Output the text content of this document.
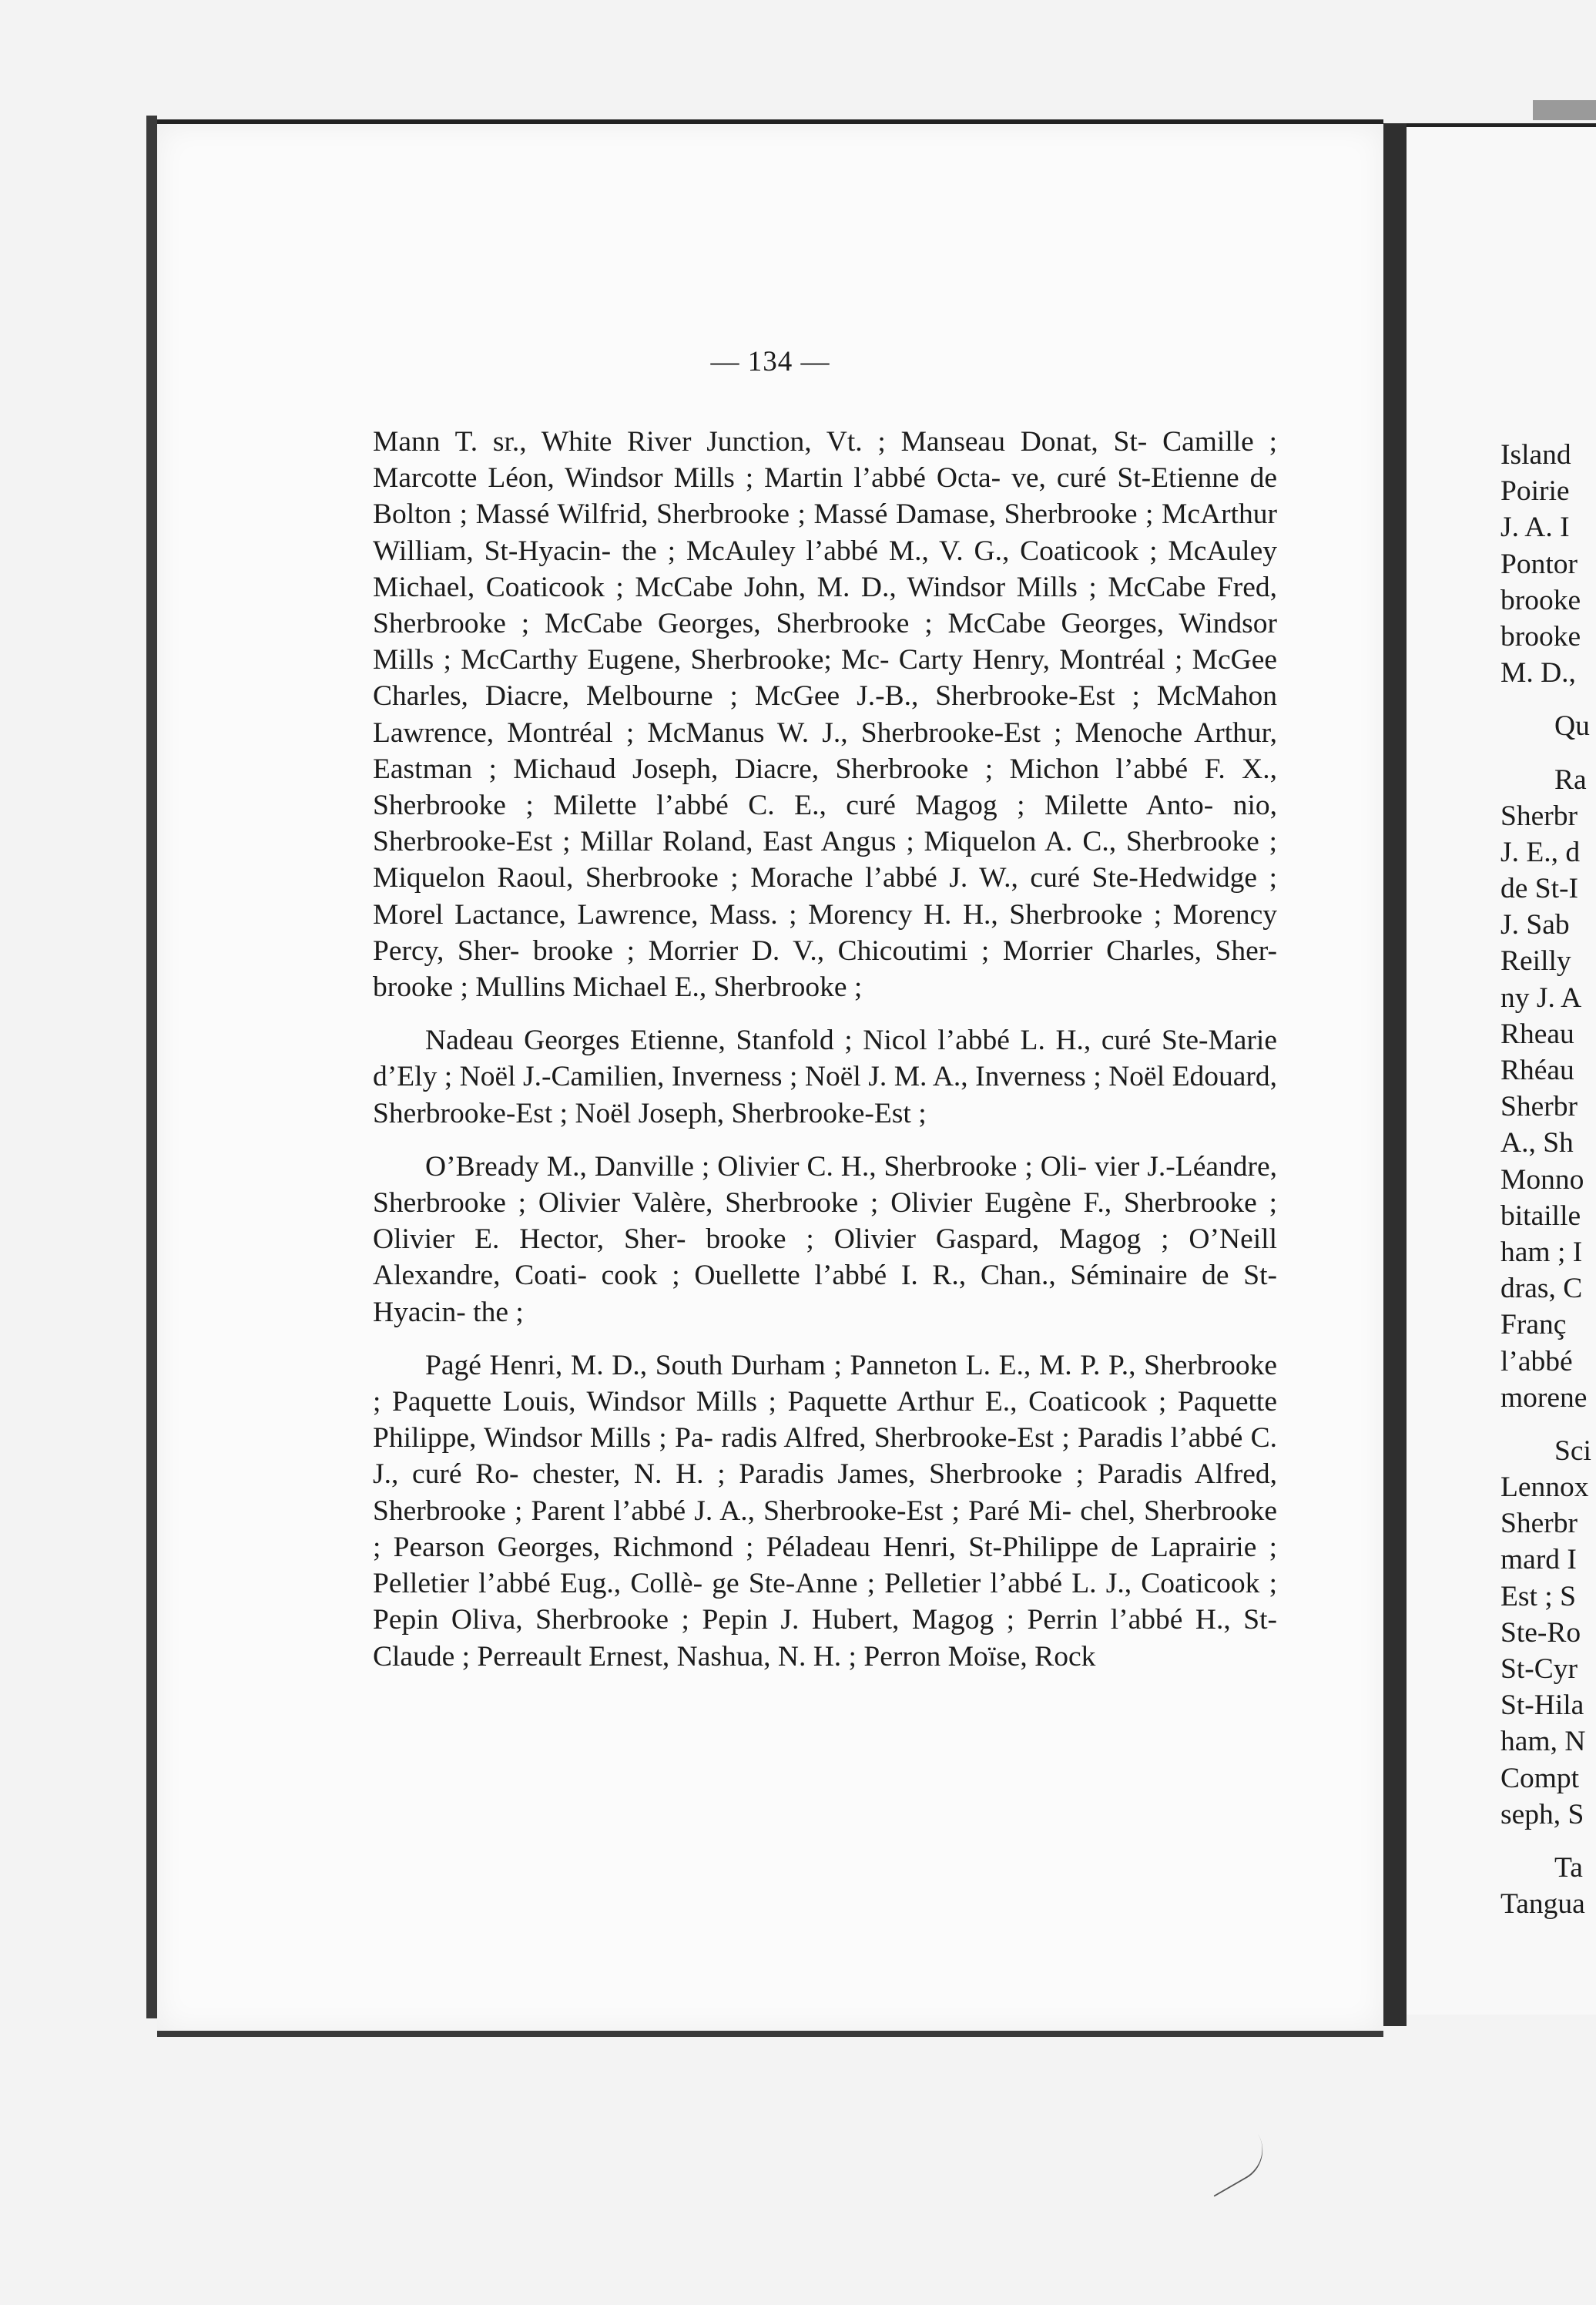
— 134 —

Mann T. sr., White River Junction, Vt. ; Manseau Donat, St- Camille ; Marcotte Léon, Windsor Mills ; Martin l’abbé Octa- ve, curé St-Etienne de Bolton ; Massé Wilfrid, Sherbrooke ; Massé Damase, Sherbrooke ; McArthur William, St-Hyacin- the ; McAuley l’abbé M., V. G., Coaticook ; McAuley Michael, Coaticook ; McCabe John, M. D., Windsor Mills ; McCabe Fred, Sherbrooke ; McCabe Georges, Sherbrooke ; McCabe Georges, Windsor Mills ; McCarthy Eugene, Sherbrooke; Mc- Carty Henry, Montréal ; McGee Charles, Diacre, Melbourne ; McGee J.-B., Sherbrooke-Est ; McMahon Lawrence, Montréal ; McManus W. J., Sherbrooke-Est ; Menoche Arthur, Eastman ; Michaud Joseph, Diacre, Sherbrooke ; Michon l’abbé F. X., Sherbrooke ; Milette l’abbé C. E., curé Magog ; Milette Anto- nio, Sherbrooke-Est ; Millar Roland, East Angus ; Miquelon A. C., Sherbrooke ; Miquelon Raoul, Sherbrooke ; Morache l’abbé J. W., curé Ste-Hedwidge ; Morel Lactance, Lawrence, Mass. ; Morency H. H., Sherbrooke ; Morency Percy, Sher- brooke ; Morrier D. V., Chicoutimi ; Morrier Charles, Sher- brooke ; Mullins Michael E., Sherbrooke ;

Nadeau Georges Etienne, Stanfold ; Nicol l’abbé L. H., curé Ste-Marie d’Ely ; Noël J.-Camilien, Inverness ; Noël J. M. A., Inverness ; Noël Edouard, Sherbrooke-Est ; Noël Joseph, Sherbrooke-Est ;

O’Bready M., Danville ; Olivier C. H., Sherbrooke ; Oli- vier J.-Léandre, Sherbrooke ; Olivier Valère, Sherbrooke ; Olivier Eugène F., Sherbrooke ; Olivier E. Hector, Sher- brooke ; Olivier Gaspard, Magog ; O’Neill Alexandre, Coati- cook ; Ouellette l’abbé I. R., Chan., Séminaire de St-Hyacin- the ;

Pagé Henri, M. D., South Durham ; Panneton L. E., M. P. P., Sherbrooke ; Paquette Louis, Windsor Mills ; Paquette Arthur E., Coaticook ; Paquette Philippe, Windsor Mills ; Pa- radis Alfred, Sherbrooke-Est ; Paradis l’abbé C. J., curé Ro- chester, N. H. ; Paradis James, Sherbrooke ; Paradis Alfred, Sherbrooke ; Parent l’abbé J. A., Sherbrooke-Est ; Paré Mi- chel, Sherbrooke ; Pearson Georges, Richmond ; Péladeau Henri, St-Philippe de Laprairie ; Pelletier l’abbé Eug., Collè- ge Ste-Anne ; Pelletier l’abbé L. J., Coaticook ; Pepin Oliva, Sherbrooke ; Pepin J. Hubert, Magog ; Perrin l’abbé H., St- Claude ; Perreault Ernest, Nashua, N. H. ; Perron Moïse, Rock

Island
Poirie
J. A. I
Pontor
brooke
brooke
M. D.,
Qu
Ra
Sherbr
J. E., d
de St-I
J. Sab
Reilly
ny J. A
Rheau
Rhéau
Sherbr
A., Sh
Monno
bitaille
ham ; I
dras, C
Franç
l’abbé
morene
Sci
Lennox
Sherbr
mard I
Est ; S
Ste-Ro
St-Cyr
St-Hila
ham, N
Compt
seph, S
Ta
Tangua
